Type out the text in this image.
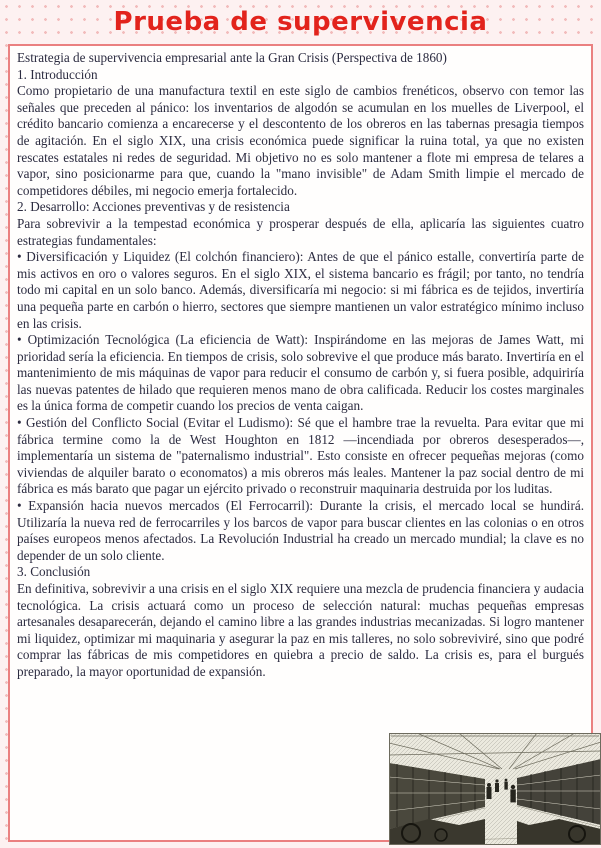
Prueba de supervivencia

Estrategia de supervivencia empresarial ante la Gran Crisis (Perspectiva de 1860)

1. Introducción

Como propietario de una manufactura textil en este siglo de cambios frenéticos, observo con temor las señales que preceden al pánico: los inventarios de algodón se acumulan en los muelles de Liverpool, el crédito bancario comienza a encarecerse y el descontento de los obreros en las tabernas presagia tiempos de agitación. En el siglo XIX, una crisis económica puede significar la ruina total, ya que no existen rescates estatales ni redes de seguridad. Mi objetivo no es solo mantener a flote mi empresa de telares a vapor, sino posicionarme para que, cuando la "mano invisible" de Adam Smith limpie el mercado de competidores débiles, mi negocio emerja fortalecido.

2. Desarrollo: Acciones preventivas y de resistencia

Para sobrevivir a la tempestad económica y prosperar después de ella, aplicaría las siguientes cuatro estrategias fundamentales:

• Diversificación y Liquidez (El colchón financiero): Antes de que el pánico estalle, convertiría parte de mis activos en oro o valores seguros. En el siglo XIX, el sistema bancario es frágil; por tanto, no tendría todo mi capital en un solo banco. Además, diversificaría mi negocio: si mi fábrica es de tejidos, invertiría una pequeña parte en carbón o hierro, sectores que siempre mantienen un valor estratégico mínimo incluso en las crisis.

• Optimización Tecnológica (La eficiencia de Watt): Inspirándome en las mejoras de James Watt, mi prioridad sería la eficiencia. En tiempos de crisis, solo sobrevive el que produce más barato. Invertiría en el mantenimiento de mis máquinas de vapor para reducir el consumo de carbón y, si fuera posible, adquiriría las nuevas patentes de hilado que requieren menos mano de obra calificada. Reducir los costes marginales es la única forma de competir cuando los precios de venta caigan.

• Gestión del Conflicto Social (Evitar el Ludismo): Sé que el hambre trae la revuelta. Para evitar que mi fábrica termine como la de West Houghton en 1812 —incendiada por obreros desesperados—, implementaría un sistema de "paternalismo industrial". Esto consiste en ofrecer pequeñas mejoras (como viviendas de alquiler barato o economatos) a mis obreros más leales. Mantener la paz social dentro de mi fábrica es más barato que pagar un ejército privado o reconstruir maquinaria destruida por los luditas.

• Expansión hacia nuevos mercados (El Ferrocarril): Durante la crisis, el mercado local se hundirá. Utilizaría la nueva red de ferrocarriles y los barcos de vapor para buscar clientes en las colonias o en otros países europeos menos afectados. La Revolución Industrial ha creado un mercado mundial; la clave es no depender de un solo cliente.

3. Conclusión

En definitiva, sobrevivir a una crisis en el siglo XIX requiere una mezcla de prudencia financiera y audacia tecnológica. La crisis actuará como un proceso de selección natural: muchas pequeñas empresas artesanales desaparecerán, dejando el camino libre a las grandes industrias mecanizadas. Si logro mantener mi liquidez, optimizar mi maquinaria y asegurar la paz en mis talleres, no solo sobreviviré, sino que podré comprar las fábricas de mis competidores en quiebra a precio de saldo. La crisis es, para el burgués preparado, la mayor oportunidad de expansión.
